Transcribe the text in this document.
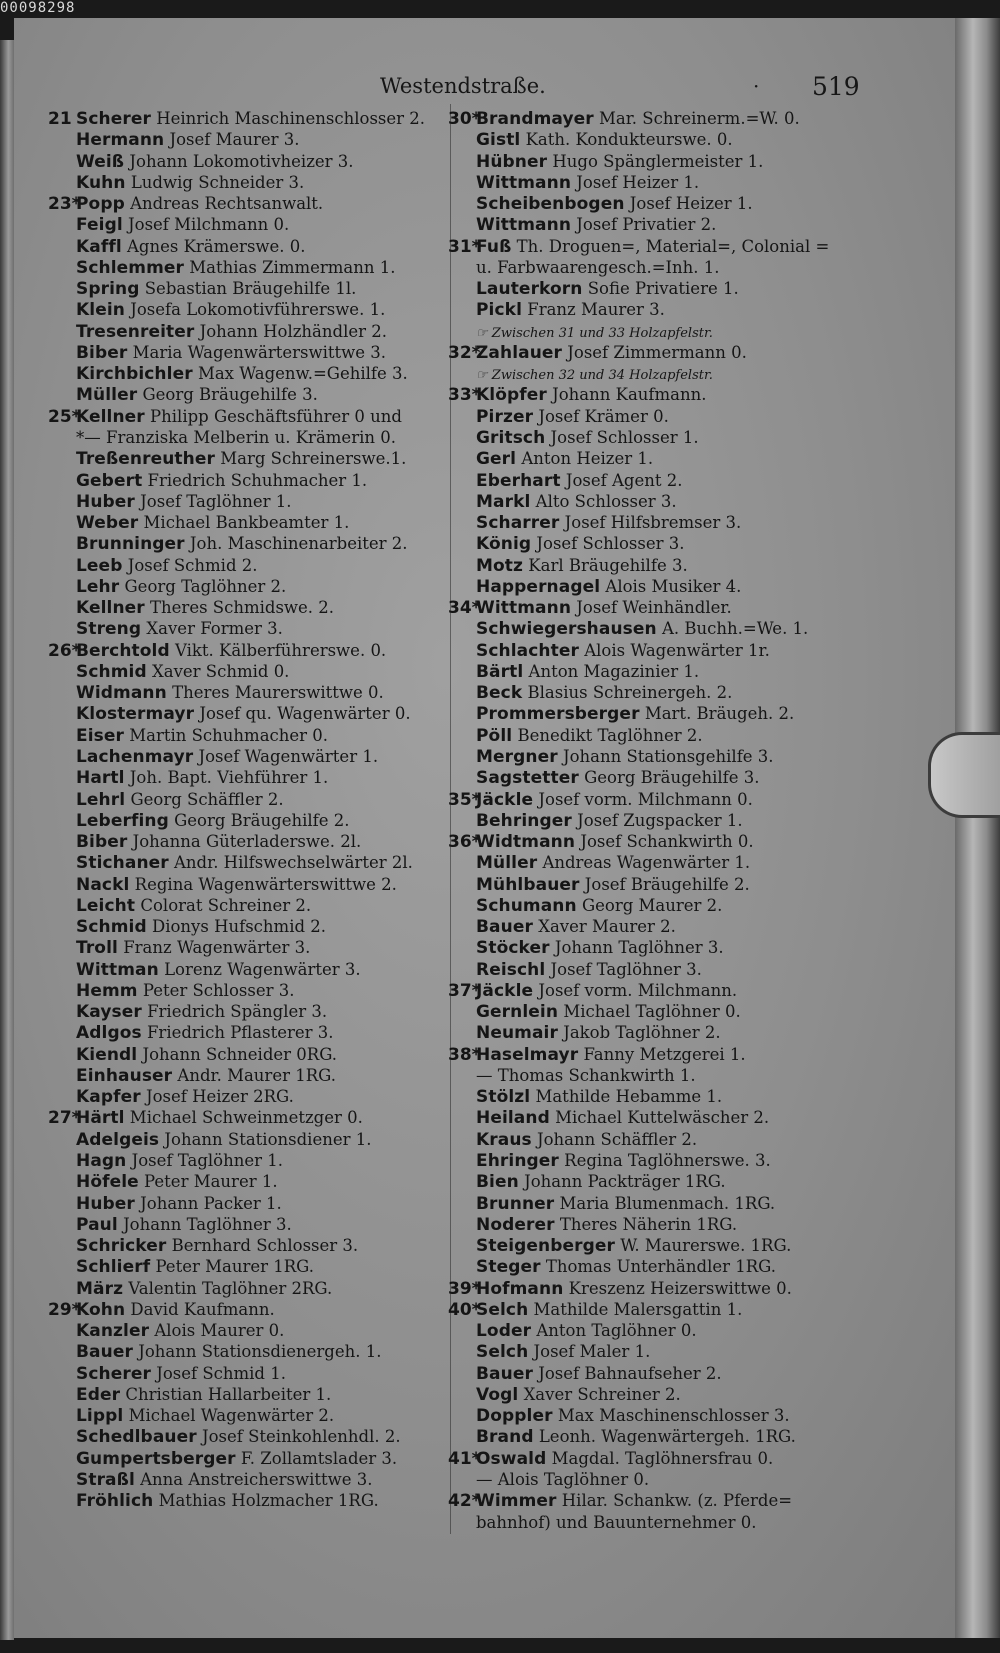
00098298
Westendstraße.	· 519
21 Scherer Heinrich Maschinenschlosser 2.
Hermann Josef Maurer 3.
Weiß Johann Lokomotivheizer 3.
Kuhn Ludwig Schneider 3.
23*Popp Andreas Rechtsanwalt.
Feigl Josef Milchmann 0.
Kaffl Agnes Krämerswe. 0.
Schlemmer Mathias Zimmermann 1.
Spring Sebastian Bräugehilfe 1l.
Klein Josefa Lokomotivführerswe. 1.
Tresenreiter Johann Holzhändler 2.
Biber Maria Wagenwärterswittwe 3.
Kirchbichler Max Wagenw.=Gehilfe 3.
Müller Georg Bräugehilfe 3.
25*Kellner Philipp Geschäftsführer 0 und
*— Franziska Melberin u. Krämerin 0.
Treßenreuther Marg Schreinerswe.1.
Gebert Friedrich Schuhmacher 1.
Huber Josef Taglöhner 1.
Weber Michael Bankbeamter 1.
Brunninger Joh. Maschinenarbeiter 2.
Leeb Josef Schmid 2.
Lehr Georg Taglöhner 2.
Kellner Theres Schmidswe. 2.
Streng Xaver Former 3.
26*Berchtold Vikt. Kälberführerswe. 0.
Schmid Xaver Schmid 0.
Widmann Theres Maurerswittwe 0.
Klostermayr Josef qu. Wagenwärter 0.
Eiser Martin Schuhmacher 0.
Lachenmayr Josef Wagenwärter 1.
Hartl Joh. Bapt. Viehführer 1.
Lehrl Georg Schäffler 2.
Leberfing Georg Bräugehilfe 2.
Biber Johanna Güterladerswe. 2l.
Stichaner Andr. Hilfswechselwärter 2l.
Nackl Regina Wagenwärterswittwe 2.
Leicht Colorat Schreiner 2.
Schmid Dionys Hufschmid 2.
Troll Franz Wagenwärter 3.
Wittman Lorenz Wagenwärter 3.
Hemm Peter Schlosser 3.
Kayser Friedrich Spängler 3.
Adlgos Friedrich Pflasterer 3.
Kiendl Johann Schneider 0RG.
Einhauser Andr. Maurer 1RG.
Kapfer Josef Heizer 2RG.
27*Härtl Michael Schweinmetzger 0.
Adelgeis Johann Stationsdiener 1.
Hagn Josef Taglöhner 1.
Höfele Peter Maurer 1.
Huber Johann Packer 1.
Paul Johann Taglöhner 3.
Schricker Bernhard Schlosser 3.
Schlierf Peter Maurer 1RG.
März Valentin Taglöhner 2RG.
29*Kohn David Kaufmann.
Kanzler Alois Maurer 0.
Bauer Johann Stationsdienergeh. 1.
Scherer Josef Schmid 1.
Eder Christian Hallarbeiter 1.
Lippl Michael Wagenwärter 2.
Schedlbauer Josef Steinkohlenhdl. 2.
Gumpertsberger F. Zollamtslader 3.
Straßl Anna Anstreicherswittwe 3.
Fröhlich Mathias Holzmacher 1RG.
30*Brandmayer Mar. Schreinerm.=W. 0.
Gistl Kath. Kondukteurswe. 0.
Hübner Hugo Spänglermeister 1.
Wittmann Josef Heizer 1.
Scheibenbogen Josef Heizer 1.
Wittmann Josef Privatier 2.
31*Fuß Th. Droguen=, Material=, Colonial =
u. Farbwaarengesch.=Inh. 1.
Lauterkorn Sofie Privatiere 1.
Pickl Franz Maurer 3.
☞ Zwischen 31 und 33 Holzapfelstr.
32*Zahlauer Josef Zimmermann 0.
☞ Zwischen 32 und 34 Holzapfelstr.
33*Klöpfer Johann Kaufmann.
Pirzer Josef Krämer 0.
Gritsch Josef Schlosser 1.
Gerl Anton Heizer 1.
Eberhart Josef Agent 2.
Markl Alto Schlosser 3.
Scharrer Josef Hilfsbremser 3.
König Josef Schlosser 3.
Motz Karl Bräugehilfe 3.
Happernagel Alois Musiker 4.
34*Wittmann Josef Weinhändler.
Schwiegershausen A. Buchh.=We. 1.
Schlachter Alois Wagenwärter 1r.
Bärtl Anton Magazinier 1.
Beck Blasius Schreinergeh. 2.
Prommersberger Mart. Bräugeh. 2.
Pöll Benedikt Taglöhner 2.
Mergner Johann Stationsgehilfe 3.
Sagstetter Georg Bräugehilfe 3.
35*Jäckle Josef vorm. Milchmann 0.
Behringer Josef Zugspacker 1.
36*Widtmann Josef Schankwirth 0.
Müller Andreas Wagenwärter 1.
Mühlbauer Josef Bräugehilfe 2.
Schumann Georg Maurer 2.
Bauer Xaver Maurer 2.
Stöcker Johann Taglöhner 3.
Reischl Josef Taglöhner 3.
37*Jäckle Josef vorm. Milchmann.
Gernlein Michael Taglöhner 0.
Neumair Jakob Taglöhner 2.
38*Haselmayr Fanny Metzgerei 1.
— Thomas Schankwirth 1.
Stölzl Mathilde Hebamme 1.
Heiland Michael Kuttelwäscher 2.
Kraus Johann Schäffler 2.
Ehringer Regina Taglöhnerswe. 3.
Bien Johann Packträger 1RG.
Brunner Maria Blumenmach. 1RG.
Noderer Theres Näherin 1RG.
Steigenberger W. Maurerswe. 1RG.
Steger Thomas Unterhändler 1RG.
39*Hofmann Kreszenz Heizerswittwe 0.
40*Selch Mathilde Malersgattin 1.
Loder Anton Taglöhner 0.
Selch Josef Maler 1.
Bauer Josef Bahnaufseher 2.
Vogl Xaver Schreiner 2.
Doppler Max Maschinenschlosser 3.
Brand Leonh. Wagenwärtergeh. 1RG.
41*Oswald Magdal. Taglöhnersfrau 0.
— Alois Taglöhner 0.
42*Wimmer Hilar. Schankw. (z. Pferde=
bahnhof) und Bauunternehmer 0.
